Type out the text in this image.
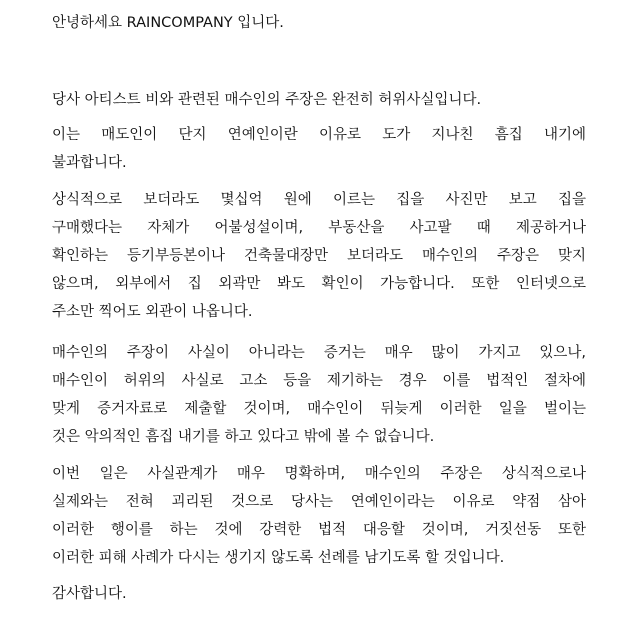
안녕하세요 RAINCOMPANY 입니다.
당사 아티스트 비와 관련된 매수인의 주장은 완전히 허위사실입니다.
이는 매도인이 단지 연예인이란 이유로 도가 지나친 흠집 내기에
불과합니다.
상식적으로 보더라도 몇십억 원에 이르는 집을 사진만 보고 집을
구매했다는 자체가 어불성설이며, 부동산을 사고팔 때 제공하거나
확인하는 등기부등본이나 건축물대장만 보더라도 매수인의 주장은 맞지
않으며, 외부에서 집 외곽만 봐도 확인이 가능합니다. 또한 인터넷으로
주소만 찍어도 외관이 나옵니다.
매수인의 주장이 사실이 아니라는 증거는 매우 많이 가지고 있으나,
매수인이 허위의 사실로 고소 등을 제기하는 경우 이를 법적인 절차에
맞게 증거자료로 제출할 것이며, 매수인이 뒤늦게 이러한 일을 벌이는
것은 악의적인 흠집 내기를 하고 있다고 밖에 볼 수 없습니다.
이번 일은 사실관계가 매우 명확하며, 매수인의 주장은 상식적으로나
실제와는 전혀 괴리된 것으로 당사는 연예인이라는 이유로 약점 삼아
이러한 행이를 하는 것에 강력한 법적 대응할 것이며, 거짓선동 또한
이러한 피해 사례가 다시는 생기지 않도록 선례를 남기도록 할 것입니다.
감사합니다.
